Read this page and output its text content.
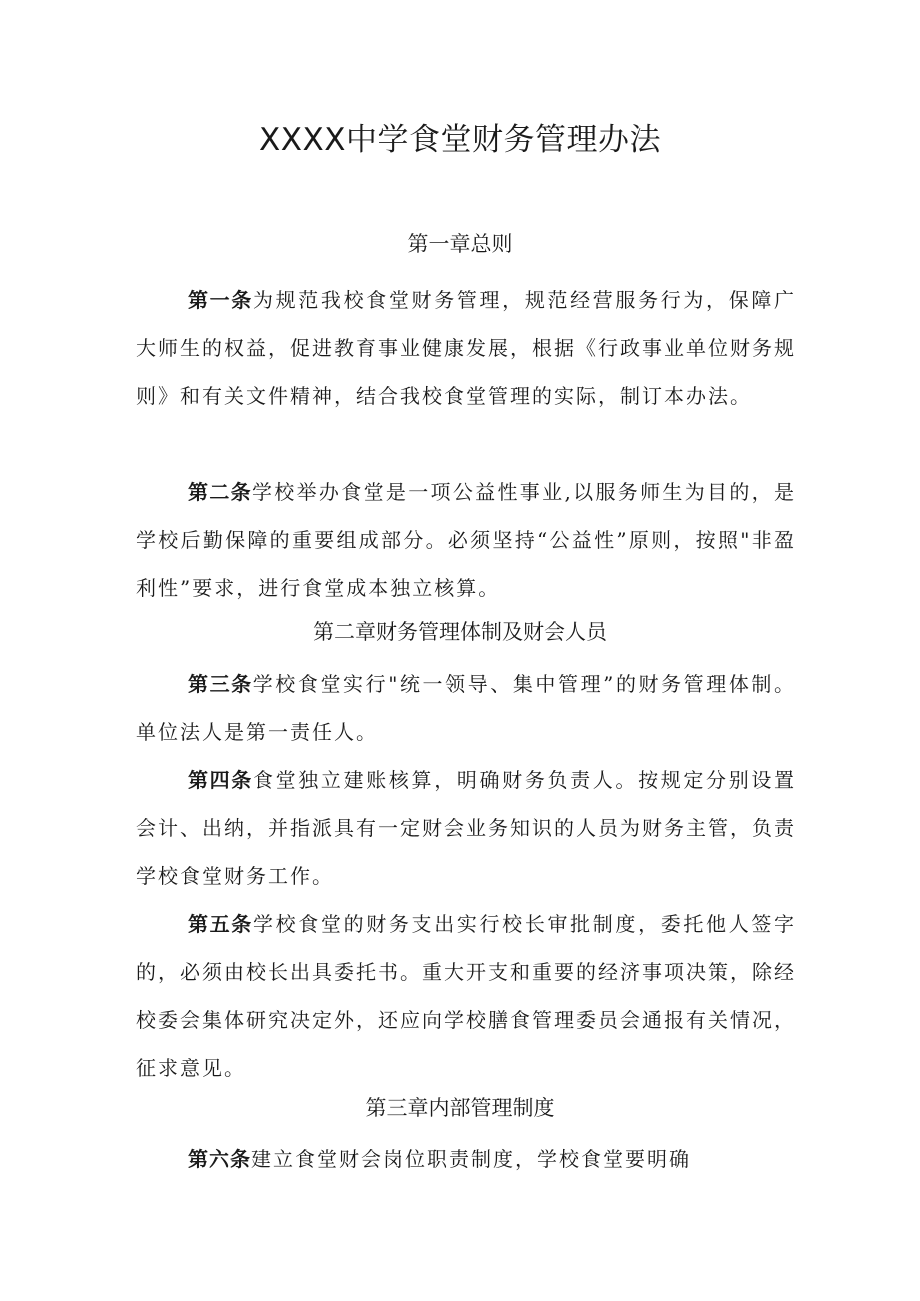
XXXX中学食堂财务管理办法
第一章总则

第一条为规范我校食堂财务管理，规范经营服务行为，保障广大师生的权益，促进教育事业健康发展，根据《行政事业单位财务规则》和有关文件精神，结合我校食堂管理的实际，制订本办法。

第二条学校举办食堂是一项公益性事业,以服务师生为目的，是学校后勤保障的重要组成部分。必须坚持“公益性”原则，按照"非盈利性”要求，进行食堂成本独立核算。

第二章财务管理体制及财会人员

第三条学校食堂实行"统一领导、集中管理”的财务管理体制。单位法人是第一责任人。

第四条食堂独立建账核算，明确财务负责人。按规定分别设置会计、出纳，并指派具有一定财会业务知识的人员为财务主管，负责学校食堂财务工作。

第五条学校食堂的财务支出实行校长审批制度，委托他人签字的，必须由校长出具委托书。重大开支和重要的经济事项决策，除经校委会集体研究决定外，还应向学校膳食管理委员会通报有关情况，征求意见。

第三章内部管理制度

第六条建立食堂财会岗位职责制度，学校食堂要明确
